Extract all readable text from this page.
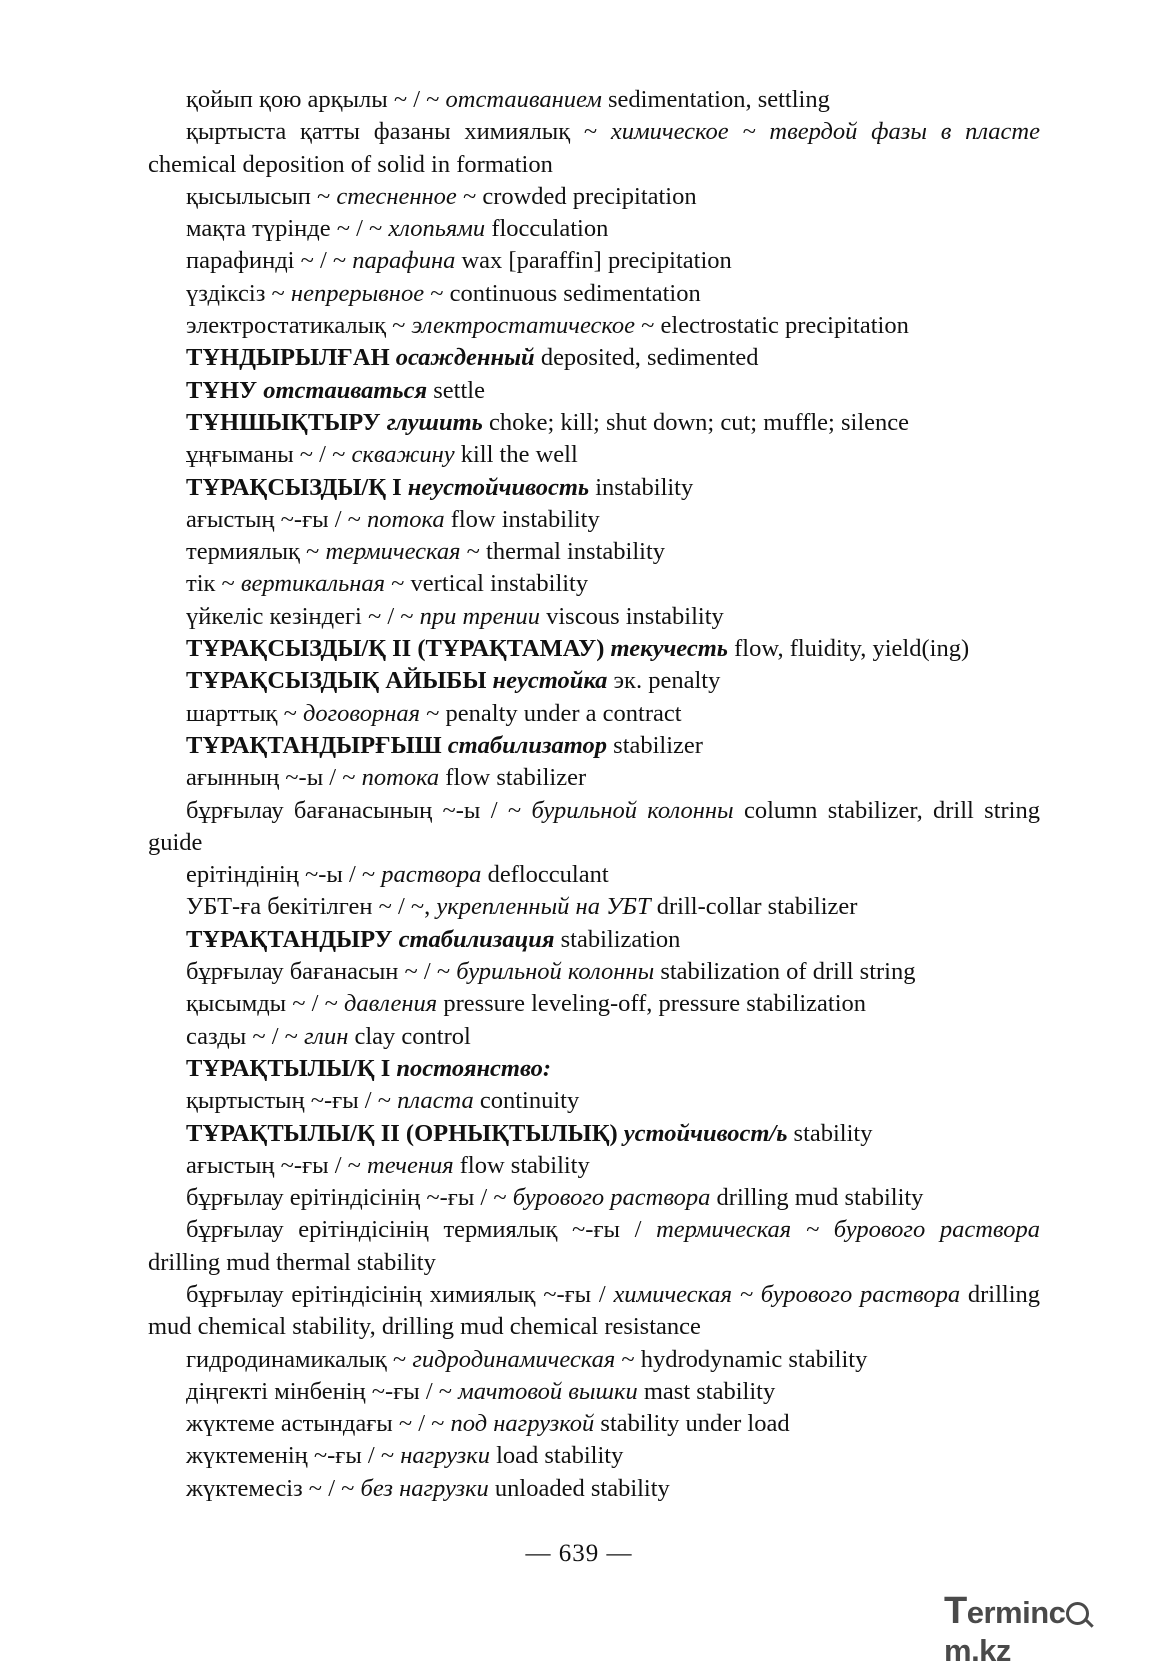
қойып қою арқылы ~ / ~ отстаиванием sedimentation, settling

қыртыста қатты фазаны химиялық ~ химическое ~ твердой фазы в пласте chemical deposition of solid in formation

қысылысып ~ стесненное ~ crowded precipitation

мақта түрінде ~ / ~ хлопьями flocculation

парафинді ~ / ~ парафина wax [paraffin] precipitation

үздіксіз ~ непрерывное ~ continuous sedimentation

электростатикалық ~ электростатическое ~ electrostatic precipitation

ТҰНДЫРЫЛҒАН осажденный deposited, sedimented

ТҰНУ отстаиваться settle

ТҰНШЫҚТЫРУ глушить choke; kill; shut down; cut; muffle; silence

ұңғыманы ~ / ~ скважину kill the well

ТҰРАҚСЫЗДЫ/Қ І неустойчивость instability

ағыстың ~-ғы / ~ потока flow instability

термиялық ~ термическая ~ thermal instability

тік ~ вертикальная ~ vertical instability

үйкеліс кезіндегі ~ / ~ при трении viscous instability

ТҰРАҚСЫЗДЫ/Қ ІІ (ТҰРАҚТАМАУ) текучесть flow, fluidity, yield(ing)

ТҰРАҚСЫЗДЫҚ АЙЫБЫ неустойка эк. penalty

шарттық ~ договорная ~ penalty under a contract

ТҰРАҚТАНДЫРҒЫШ стабилизатор stabilizer

ағынның ~-ы / ~ потока flow stabilizer

бұрғылау бағанасының ~-ы / ~ бурильной колонны column stabilizer, drill string guide

ерітіндінің ~-ы / ~ раствора deflocculant

УБТ-ға бекітілген ~ / ~, укрепленный на УБТ drill-collar stabilizer

ТҰРАҚТАНДЫРУ стабилизация stabilization

бұрғылау бағанасын ~ / ~ бурильной колонны stabilization of drill string

қысымды ~ / ~ давления pressure leveling-off, pressure stabilization

сазды ~ / ~ глин clay control

ТҰРАҚТЫЛЫ/Қ І постоянство:

қыртыстың ~-ғы / ~ пласта continuity

ТҰРАҚТЫЛЫ/Қ ІІ (ОРНЫҚТЫЛЫҚ) устойчивост/ь stability

ағыстың ~-ғы / ~ течения flow stability

бұрғылау ерітіндісінің ~-ғы / ~ бурового раствора drilling mud stability

бұрғылау ерітіндісінің термиялық ~-ғы / термическая ~ бурового раствора drilling mud thermal stability

бұрғылау ерітіндісінің химиялық ~-ғы / химическая ~ бурового раствора drilling mud chemical stability, drilling mud chemical resistance

гидродинамикалық ~ гидродинамическая ~ hydrodynamic stability

діңгекті мінбенің ~-ғы / ~ мачтовой вышки mast stability

жүктеме астындағы ~ / ~ под нагрузкой stability under load

жүктеменің ~-ғы / ~ нагрузки load stability

жүктемесіз ~ / ~ без нагрузки unloaded stability

— 639 —
Termincm.kz
